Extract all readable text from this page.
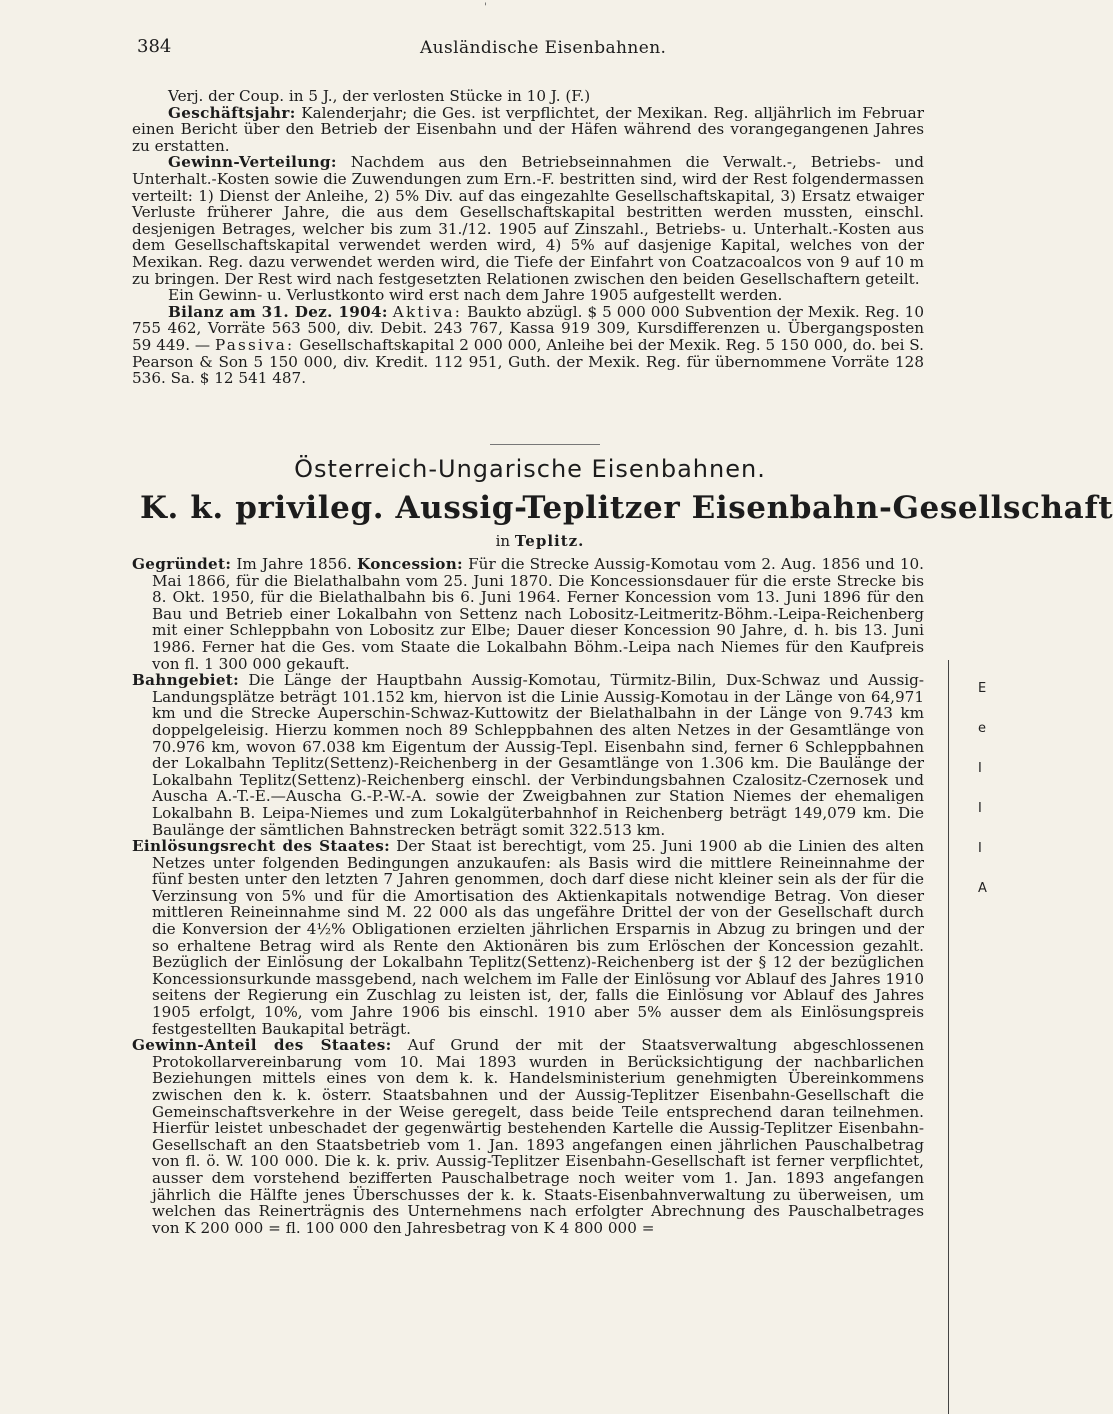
'
384	Ausländische Eisenbahnen.

Verj. der Coup. in 5 J., der verlosten Stücke in 10 J. (F.)

Geschäftsjahr: Kalenderjahr; die Ges. ist verpflichtet, der Mexikan. Reg. alljährlich im Februar einen Bericht über den Betrieb der Eisenbahn und der Häfen während des vorangegangenen Jahres zu erstatten.

Gewinn-Verteilung: Nachdem aus den Betriebseinnahmen die Verwalt.-, Betriebs- und Unterhalt.-Kosten sowie die Zuwendungen zum Ern.-F. bestritten sind, wird der Rest folgendermassen verteilt: 1) Dienst der Anleihe, 2) 5% Div. auf das eingezahlte Gesellschaftskapital, 3) Ersatz etwaiger Verluste früherer Jahre, die aus dem Gesellschaftskapital bestritten werden mussten, einschl. desjenigen Betrages, welcher bis zum 31./12. 1905 auf Zinszahl., Betriebs- u. Unterhalt.-Kosten aus dem Gesellschaftskapital verwendet werden wird, 4) 5% auf dasjenige Kapital, welches von der Mexikan. Reg. dazu verwendet werden wird, die Tiefe der Einfahrt von Coatzacoalcos von 9 auf 10 m zu bringen. Der Rest wird nach festgesetzten Relationen zwischen den beiden Gesellschaftern geteilt.

Ein Gewinn- u. Verlustkonto wird erst nach dem Jahre 1905 aufgestellt werden.

Bilanz am 31. Dez. 1904: Aktiva: Baukto abzügl. $ 5 000 000 Subvention der Mexik. Reg. 10 755 462, Vorräte 563 500, div. Debit. 243 767, Kassa 919 309, Kursdifferenzen u. Übergangsposten 59 449. — Passiva: Gesellschaftskapital 2 000 000, Anleihe bei der Mexik. Reg. 5 150 000, do. bei S. Pearson & Son 5 150 000, div. Kredit. 112 951, Guth. der Mexik. Reg. für übernommene Vorräte 128 536. Sa. $ 12 541 487.

Österreich-Ungarische Eisenbahnen.
K. k. privileg. Aussig-Teplitzer Eisenbahn-Gesellschaft
in Teplitz.

Gegründet: Im Jahre 1856. Koncession: Für die Strecke Aussig-Komotau vom 2. Aug. 1856 und 10. Mai 1866, für die Bielathalbahn vom 25. Juni 1870. Die Koncessionsdauer für die erste Strecke bis 8. Okt. 1950, für die Bielathalbahn bis 6. Juni 1964. Ferner Koncession vom 13. Juni 1896 für den Bau und Betrieb einer Lokalbahn von Settenz nach Lobositz-Leitmeritz-Böhm.-Leipa-Reichenberg mit einer Schleppbahn von Lobositz zur Elbe; Dauer dieser Koncession 90 Jahre, d. h. bis 13. Juni 1986. Ferner hat die Ges. vom Staate die Lokalbahn Böhm.-Leipa nach Niemes für den Kaufpreis von fl. 1 300 000 gekauft.

Bahngebiet: Die Länge der Hauptbahn Aussig-Komotau, Türmitz-Bilin, Dux-Schwaz und Aussig-Landungsplätze beträgt 101.152 km, hiervon ist die Linie Aussig-Komotau in der Länge von 64,971 km und die Strecke Auperschin-Schwaz-Kuttowitz der Bielathalbahn in der Länge von 9.743 km doppelgeleisig. Hierzu kommen noch 89 Schleppbahnen des alten Netzes in der Gesamtlänge von 70.976 km, wovon 67.038 km Eigentum der Aussig-Tepl. Eisenbahn sind, ferner 6 Schleppbahnen der Lokalbahn Teplitz(Settenz)-Reichenberg in der Gesamtlänge von 1.306 km. Die Baulänge der Lokalbahn Teplitz(Settenz)-Reichenberg einschl. der Verbindungsbahnen Czalositz-Czernosek und Auscha A.-T.-E.—Auscha G.-P.-W.-A. sowie der Zweigbahnen zur Station Niemes der ehemaligen Lokalbahn B. Leipa-Niemes und zum Lokalgüterbahnhof in Reichenberg beträgt 149,079 km. Die Baulänge der sämtlichen Bahnstrecken beträgt somit 322.513 km.

Einlösungsrecht des Staates: Der Staat ist berechtigt, vom 25. Juni 1900 ab die Linien des alten Netzes unter folgenden Bedingungen anzukaufen: als Basis wird die mittlere Reineinnahme der fünf besten unter den letzten 7 Jahren genommen, doch darf diese nicht kleiner sein als der für die Verzinsung von 5% und für die Amortisation des Aktienkapitals notwendige Betrag. Von dieser mittleren Reineinnahme sind M. 22 000 als das ungefähre Drittel der von der Gesellschaft durch die Konversion der 4½% Obligationen erzielten jährlichen Ersparnis in Abzug zu bringen und der so erhaltene Betrag wird als Rente den Aktionären bis zum Erlöschen der Koncession gezahlt. Bezüglich der Einlösung der Lokalbahn Teplitz(Settenz)-Reichenberg ist der § 12 der bezüglichen Koncessionsurkunde massgebend, nach welchem im Falle der Einlösung vor Ablauf des Jahres 1910 seitens der Regierung ein Zuschlag zu leisten ist, der, falls die Einlösung vor Ablauf des Jahres 1905 erfolgt, 10%, vom Jahre 1906 bis einschl. 1910 aber 5% ausser dem als Einlösungspreis festgestellten Baukapital beträgt.

Gewinn-Anteil des Staates: Auf Grund der mit der Staatsverwaltung abgeschlossenen Protokollarvereinbarung vom 10. Mai 1893 wurden in Berücksichtigung der nachbarlichen Beziehungen mittels eines von dem k. k. Handelsministerium genehmigten Übereinkommens zwischen den k. k. österr. Staatsbahnen und der Aussig-Teplitzer Eisenbahn-Gesellschaft die Gemeinschaftsverkehre in der Weise geregelt, dass beide Teile entsprechend daran teilnehmen. Hierfür leistet unbeschadet der gegenwärtig bestehenden Kartelle die Aussig-Teplitzer Eisenbahn-Gesellschaft an den Staatsbetrieb vom 1. Jan. 1893 angefangen einen jährlichen Pauschalbetrag von fl. ö. W. 100 000. Die k. k. priv. Aussig-Teplitzer Eisenbahn-Gesellschaft ist ferner verpflichtet, ausser dem vorstehend bezifferten Pauschalbetrage noch weiter vom 1. Jan. 1893 angefangen jährlich die Hälfte jenes Überschusses der k. k. Staats-Eisenbahnverwaltung zu überweisen, um welchen das Reinerträgnis des Unternehmens nach erfolgter Abrechnung des Pauschalbetrages von K 200 000 = fl. 100 000 den Jahresbetrag von K 4 800 000 =

E
e
I
I
I
A
